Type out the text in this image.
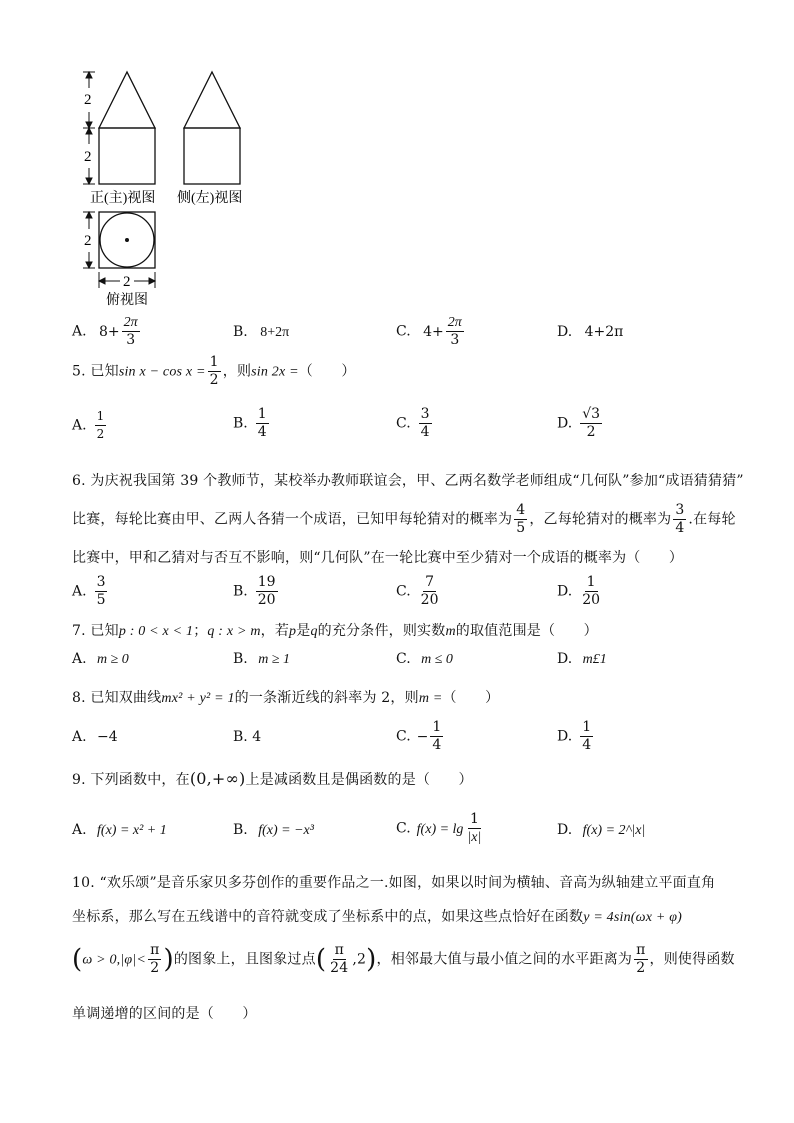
2
2
正(主)视图 侧(左)视图
2
2
俯视图
A. $8+ \frac{2\pi}{3}$	B. 8+2π	C. $4+ \frac{2\pi}{3}$	D. 4+2π
5. 已知$\sin x - \cos x = \frac{1}{2}$ ，则sin 2x =（　　）
A. $\frac{1}{2}$	B. $\frac{1}{4}$	C. $\frac{3}{4}$	D. $\frac{√3}{2}$
6. 为庆祝我国第 39 个教师节，某校举办教师联谊会，甲、乙两名数学老师组成“几何队”参加“成语猜猜猜”
比赛，每轮比赛由甲、乙两人各猜一个成语，已知甲每轮猜对的概率为 $\frac{4}{5}$ ，乙每轮猜对的概率为 $\frac{3}{4}$ .在每轮
比赛中，甲和乙猜对与否互不影响，则“几何队”在一轮比赛中至少猜对一个成语的概率为（　　）
A. $\frac{3}{5}$	B. $\frac{19}{20}$	C. $\frac{7}{20}$	D. $\frac{1}{20}$
7. 已知p : 0 < x < 1；q : x > m，若p是q的充分条件，则实数m的取值范围是（　　）
A. m ≥ 0	B. m ≥ 1	C. m ≤ 0	D. m£1
8. 已知双曲线mx² + y² = 1的一条渐近线的斜率为 2，则m =（　　）
A. −4	B. 4	C. − $\frac{1}{4}$	D. $\frac{1}{4}$
9. 下列函数中，在(0,+∞)上是减函数且是偶函数的是（　　）
A. f(x) = x² + 1	B. f(x) = −x³	C. $f(x) = \lg \frac{1}{|x|}$	D. f(x) = 2^|x|
10. “欢乐颂”是音乐家贝多芬创作的重要作品之一.如图，如果以时间为横轴、音高为纵轴建立平面直角
坐标系，那么写在五线谱中的音符就变成了坐标系中的点，如果这些点恰好在函数y = 4sin(ωx + φ)
($\omega > 0,|\varphi|< \frac{\pi}{2}$ )的图象上，且图象过点( $\frac{\pi}{24} ,2$)，相邻最大值与最小值之间的水平距离为 $\frac{\pi}{2}$ ，则使得函数
单调递增的区间的是（　　）
